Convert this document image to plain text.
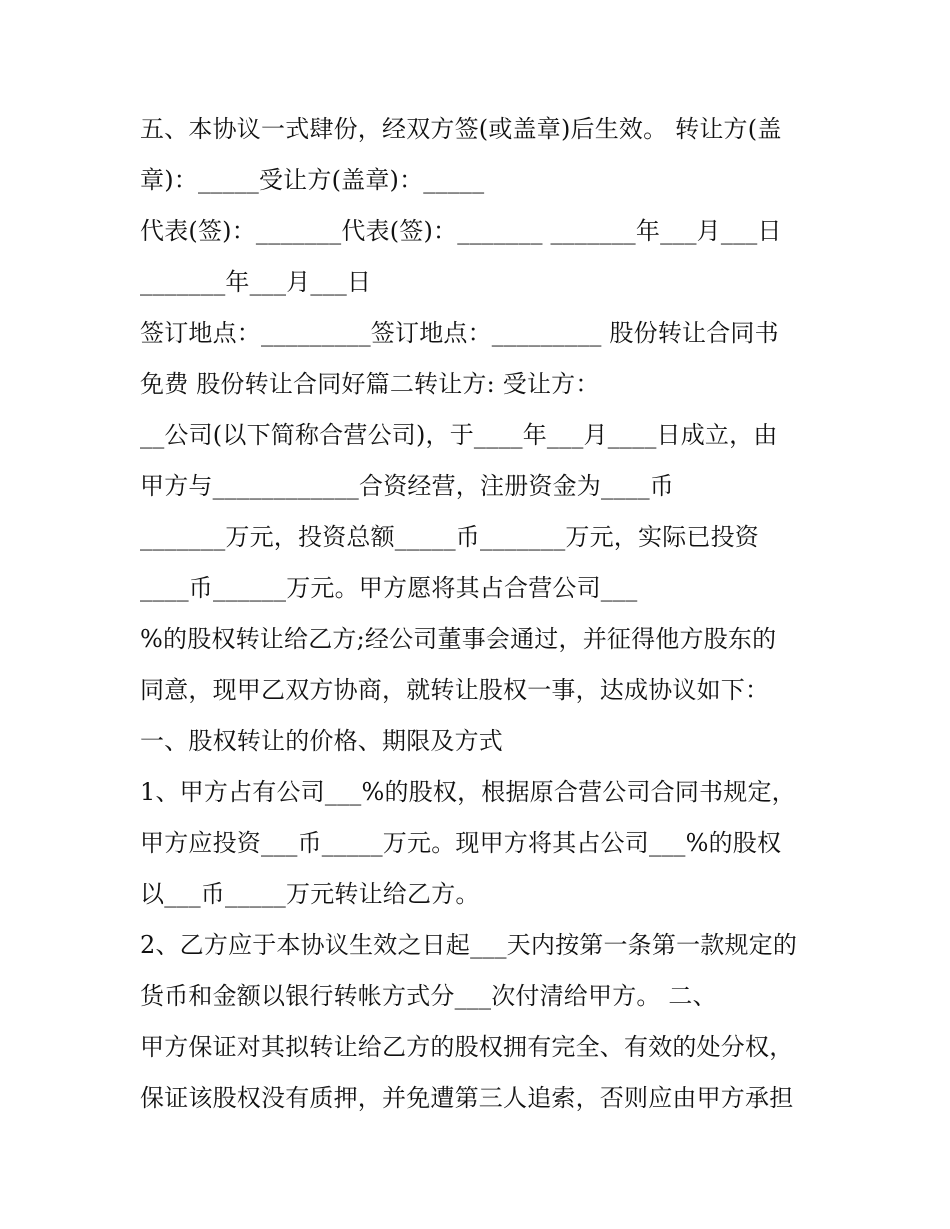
五、本协议一式肆份，经双方签(或盖章)后生效。 转让方(盖
章)：_____受让方(盖章)：_____
代表(签)：_______代表(签)：_______ _______年___月___日
_______年___月___日
签订地点：_________签订地点：_________ 股份转让合同书
免费 股份转让合同好篇二转让方: 受让方：
__公司(以下简称合营公司)，于____年___月____日成立，由
甲方与____________合资经营，注册资金为____币
_______万元，投资总额_____币_______万元，实际已投资
____币______万元。甲方愿将其占合营公司___
%的股权转让给乙方;经公司董事会通过，并征得他方股东的
同意，现甲乙双方协商，就转让股权一事，达成协议如下：
一、股权转让的价格、期限及方式
1、甲方占有公司___%的股权，根据原合营公司合同书规定，
甲方应投资___币_____万元。现甲方将其占公司___%的股权
以___币_____万元转让给乙方。
2、乙方应于本协议生效之日起___天内按第一条第一款规定的
货币和金额以银行转帐方式分___次付清给甲方。 二、
甲方保证对其拟转让给乙方的股权拥有完全、有效的处分权，
保证该股权没有质押，并免遭第三人追索，否则应由甲方承担
